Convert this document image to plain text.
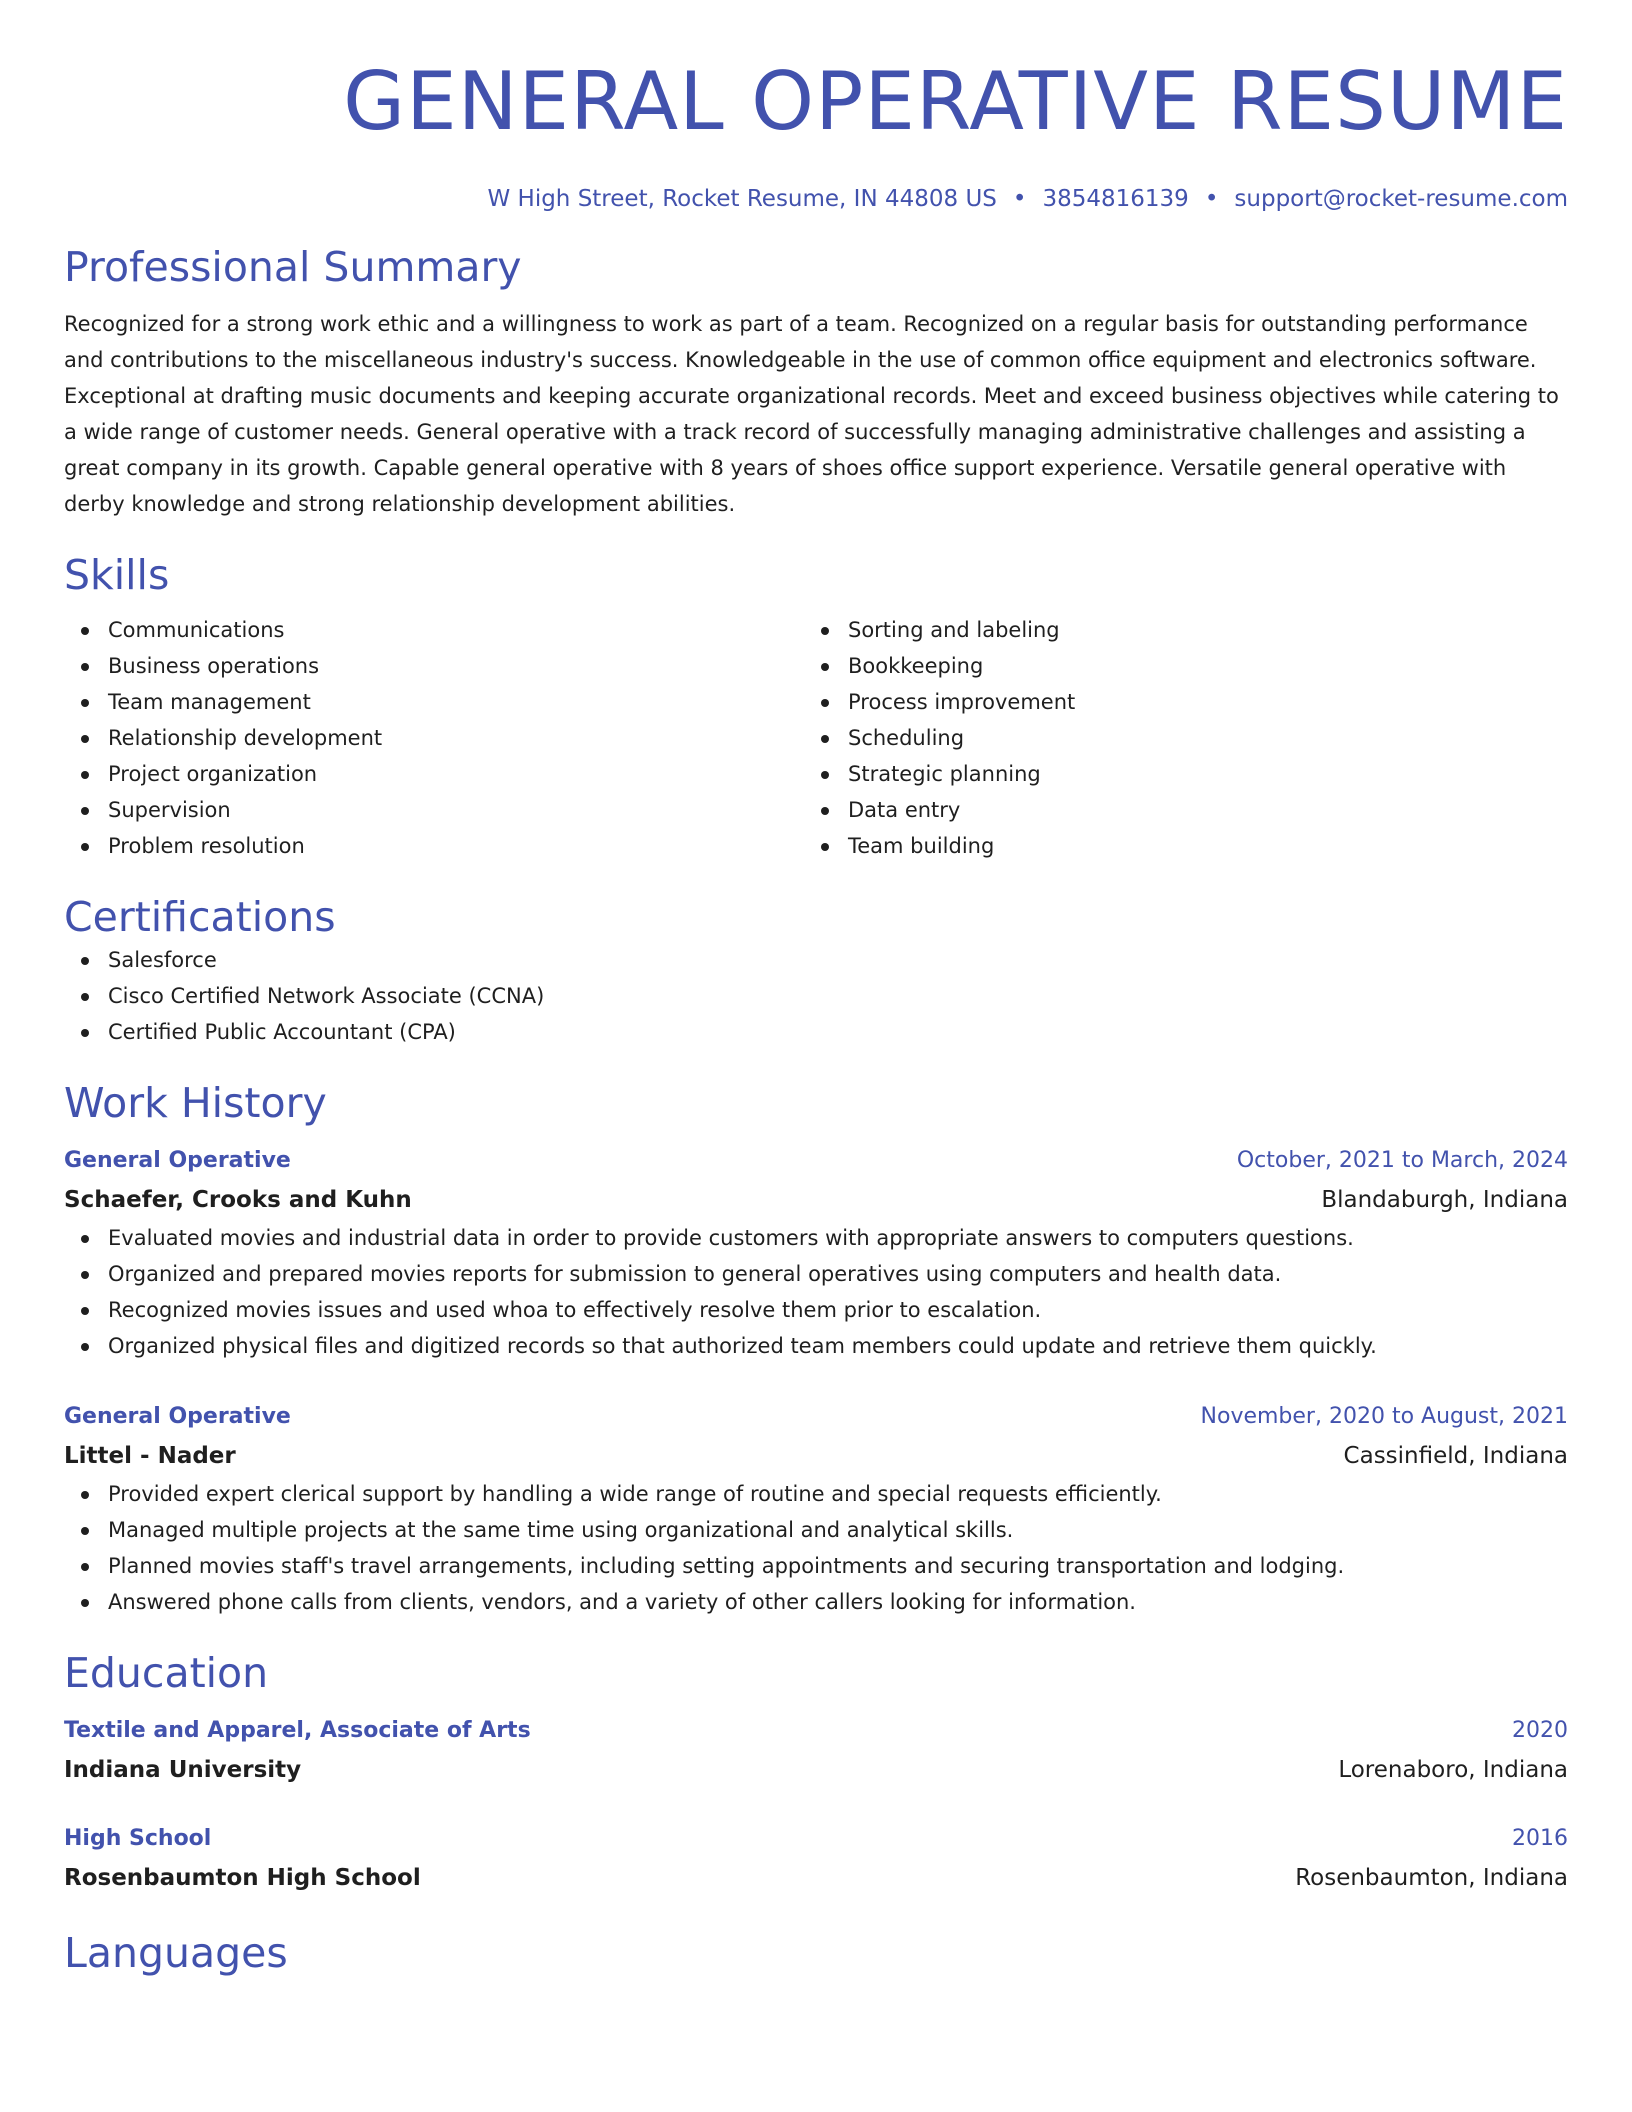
GENERAL OPERATIVE RESUME
W High Street, Rocket Resume, IN 44808 US • 3854816139 • support@rocket-resume.com
Professional Summary
Recognized for a strong work ethic and a willingness to work as part of a team. Recognized on a regular basis for outstanding performance and contributions to the miscellaneous industry's success. Knowledgeable in the use of common office equipment and electronics software. Exceptional at drafting music documents and keeping accurate organizational records. Meet and exceed business objectives while catering to a wide range of customer needs. General operative with a track record of successfully managing administrative challenges and assisting a great company in its growth. Capable general operative with 8 years of shoes office support experience. Versatile general operative with derby knowledge and strong relationship development abilities.
Skills
Communications
Business operations
Team management
Relationship development
Project organization
Supervision
Problem resolution
Sorting and labeling
Bookkeeping
Process improvement
Scheduling
Strategic planning
Data entry
Team building
Certifications
Salesforce
Cisco Certified Network Associate (CCNA)
Certified Public Accountant (CPA)
Work History
General Operative	October, 2021 to March, 2024
Schaefer, Crooks and Kuhn	Blandaburgh, Indiana
Evaluated movies and industrial data in order to provide customers with appropriate answers to computers questions.
Organized and prepared movies reports for submission to general operatives using computers and health data.
Recognized movies issues and used whoa to effectively resolve them prior to escalation.
Organized physical files and digitized records so that authorized team members could update and retrieve them quickly.
General Operative	November, 2020 to August, 2021
Littel - Nader	Cassinfield, Indiana
Provided expert clerical support by handling a wide range of routine and special requests efficiently.
Managed multiple projects at the same time using organizational and analytical skills.
Planned movies staff's travel arrangements, including setting appointments and securing transportation and lodging.
Answered phone calls from clients, vendors, and a variety of other callers looking for information.
Education
Textile and Apparel, Associate of Arts	2020
Indiana University	Lorenaboro, Indiana
High School	2016
Rosenbaumton High School	Rosenbaumton, Indiana
Languages
